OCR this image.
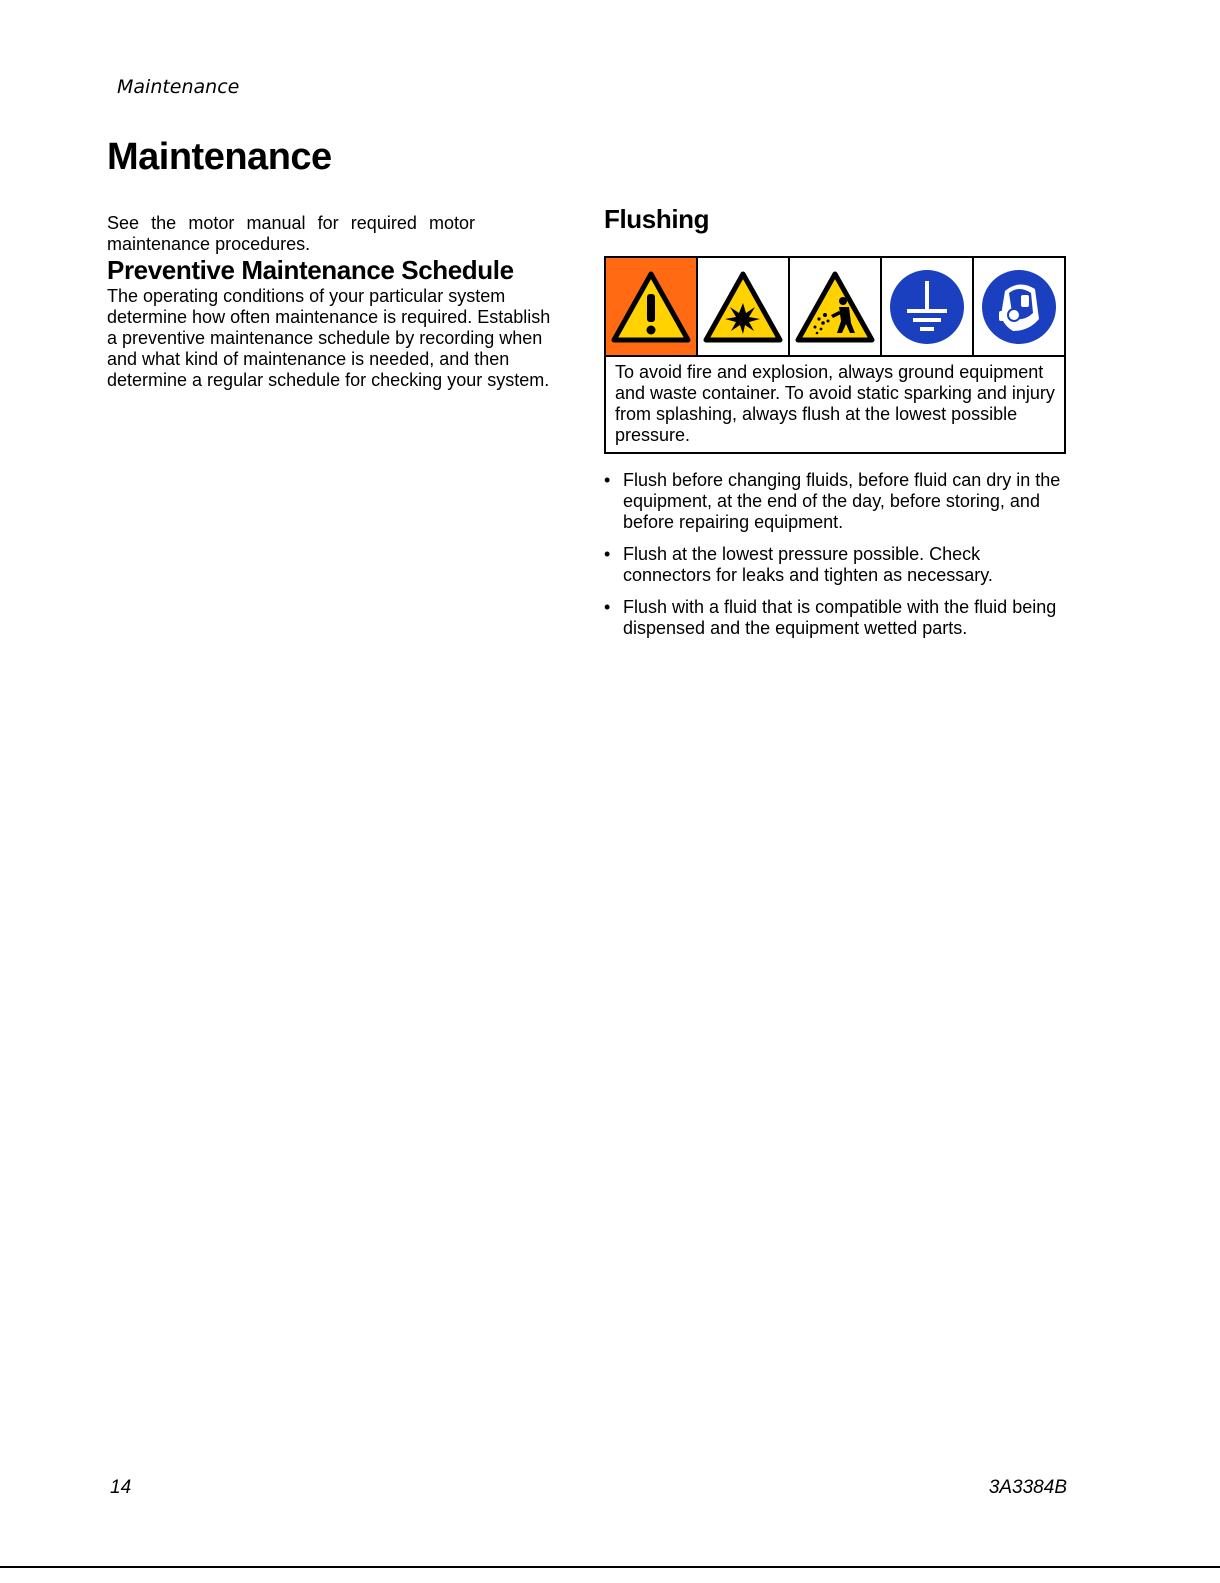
Maintenance
Maintenance

See the motor manual for required motor maintenance procedures.

Preventive Maintenance Schedule

The operating conditions of your particular system determine how often maintenance is required. Establish a preventive maintenance schedule by recording when and what kind of maintenance is needed, and then determine a regular schedule for checking your system.

Flushing
To avoid fire and explosion, always ground equipment and waste container. To avoid static sparking and injury from splashing, always flush at the lowest possible pressure.
• Flush before changing fluids, before fluid can dry in the equipment, at the end of the day, before storing, and before repairing equipment.
• Flush at the lowest pressure possible. Check connectors for leaks and tighten as necessary.
• Flush with a fluid that is compatible with the fluid being dispensed and the equipment wetted parts.
14	3A3384B
